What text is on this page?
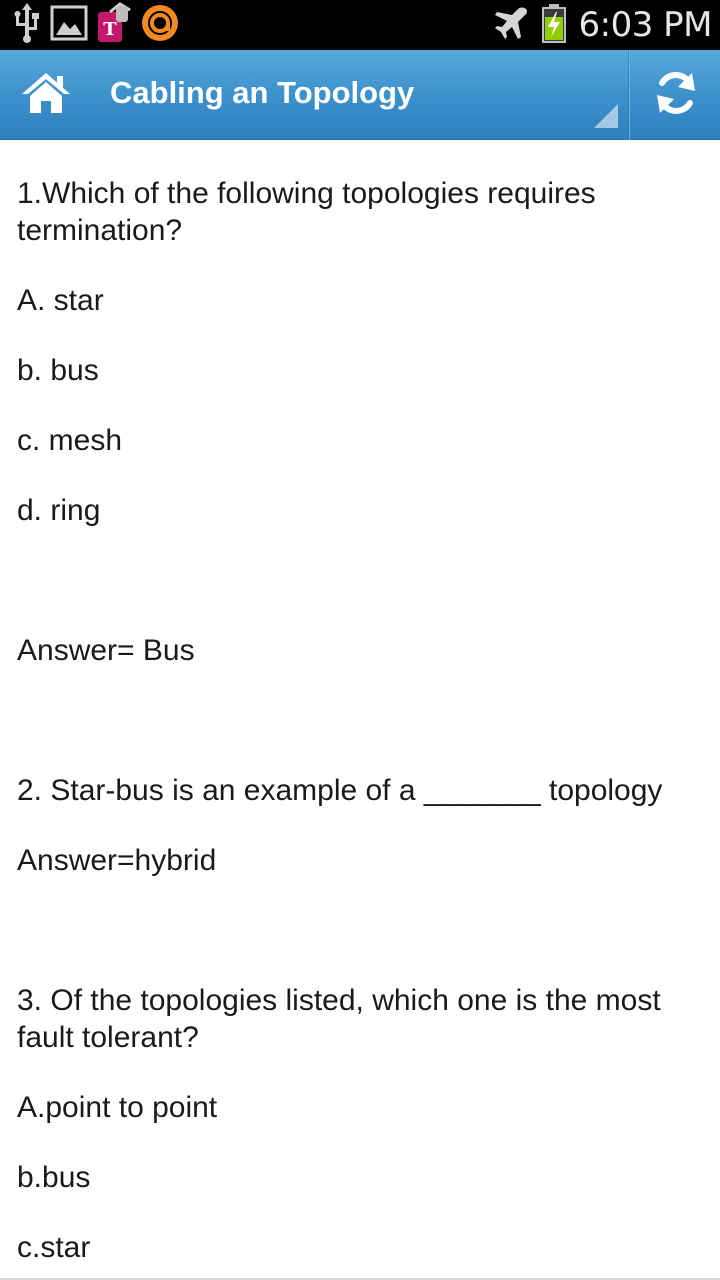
T	6:03 PM
Cabling an Topology

1.Which of the following topologies requires termination?

A. star

b. bus

c. mesh

d. ring

Answer= Bus

2. Star-bus is an example of a _______ topology

Answer=hybrid

3. Of the topologies listed, which one is the most fault tolerant?

A.point to point

b.bus

c.star
